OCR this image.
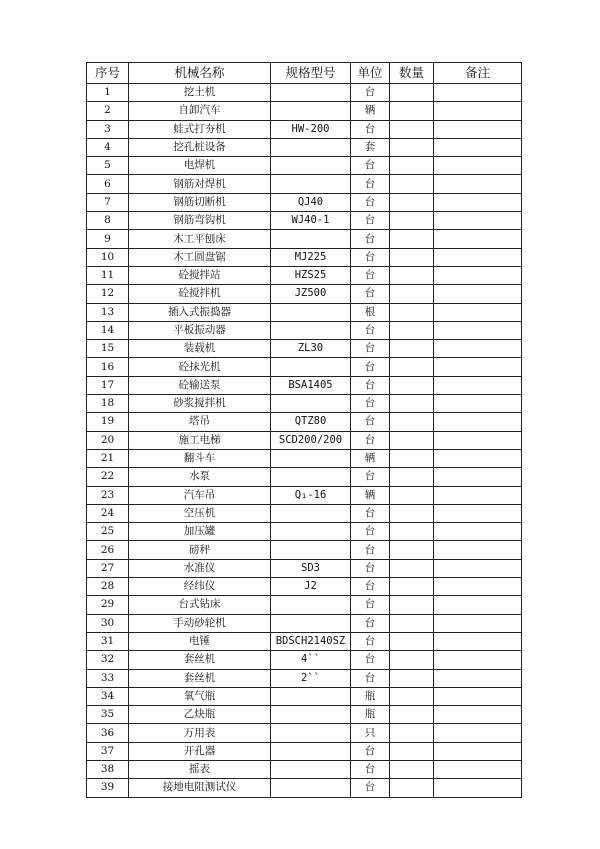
序号	机械名称	规格型号	单位	数量	备注
1	挖土机		台		
2	自卸汽车		辆		
3	蛙式打夯机	HW-200	台		
4	挖孔桩设备		套		
5	电焊机		台		
6	钢筋对焊机		台		
7	钢筋切断机	QJ40	台		
8	钢筋弯钩机	WJ40-1	台		
9	木工平刨床		台		
10	木工圆盘锯	MJ225	台		
11	砼搅拌站	HZS25	台		
12	砼搅拌机	JZ500	台		
13	插入式振捣器		根		
14	平板振动器		台		
15	装载机	ZL30	台		
16	砼抹光机		台		
17	砼输送泵	BSA1405	台		
18	砂浆搅拌机		台		
19	塔吊	QTZ80	台		
20	施工电梯	SCD200/200	台		
21	翻斗车		辆		
22	水泵		台		
23	汽车吊	Q₁-16	辆		
24	空压机		台		
25	加压罐		台		
26	磅秤		台		
27	水准仪	SD3	台		
28	经纬仪	J2	台		
29	台式钻床		台		
30	手动砂轮机		台		
31	电锤	BDSCH2140SZ	台		
32	套丝机	4``	台		
33	套丝机	2``	台		
34	氧气瓶		瓶		
35	乙炔瓶		瓶		
36	万用表		只		
37	开孔器		台		
38	摇表		台		
39	接地电阻测试仪		台		
